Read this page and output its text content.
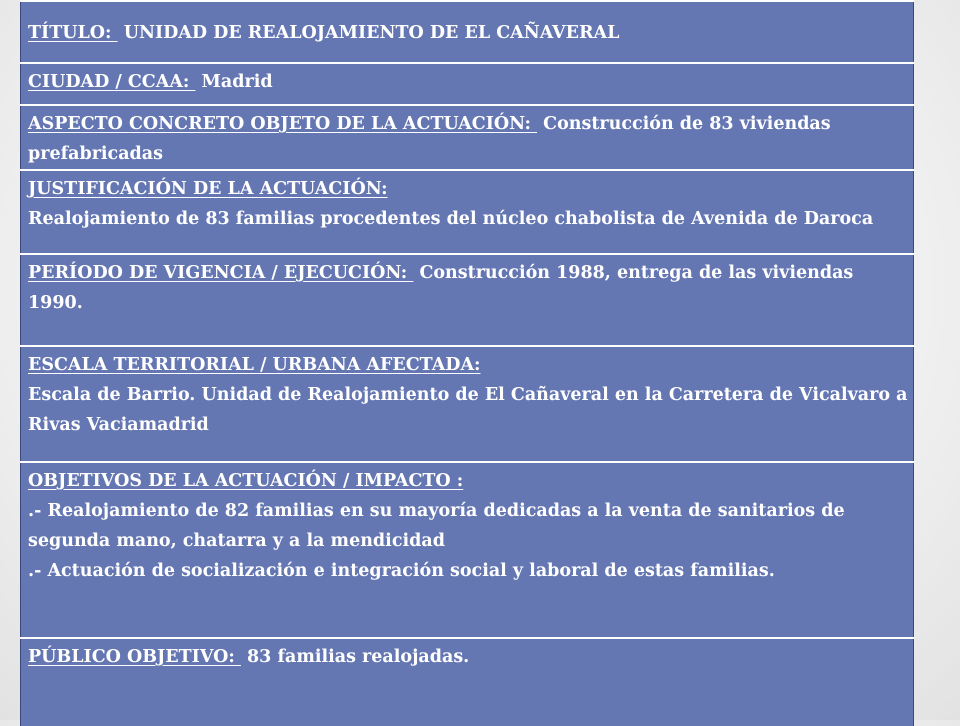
TÍTULO:  UNIDAD DE REALOJAMIENTO DE EL CAÑAVERAL
CIUDAD / CCAA:  Madrid
ASPECTO CONCRETO OBJETO DE LA ACTUACIÓN:  Construcción de 83 viviendas prefabricadas

JUSTIFICACIÓN DE LA ACTUACIÓN:
Realojamiento de 83 familias procedentes del núcleo chabolista de Avenida de Daroca

PERÍODO DE VIGENCIA / EJECUCIÓN:  Construcción 1988, entrega de las viviendas 1990.

ESCALA TERRITORIAL / URBANA AFECTADA:
Escala de Barrio. Unidad de Realojamiento de El Cañaveral en la Carretera de Vicalvaro a Rivas Vaciamadrid

OBJETIVOS DE LA ACTUACIÓN / IMPACTO :
.- Realojamiento de 82 familias en su mayoría dedicadas a la venta de sanitarios de segunda mano, chatarra y a la mendicidad
.- Actuación de socialización e integración social y laboral de estas familias.

PÚBLICO OBJETIVO:  83 familias realojadas.
